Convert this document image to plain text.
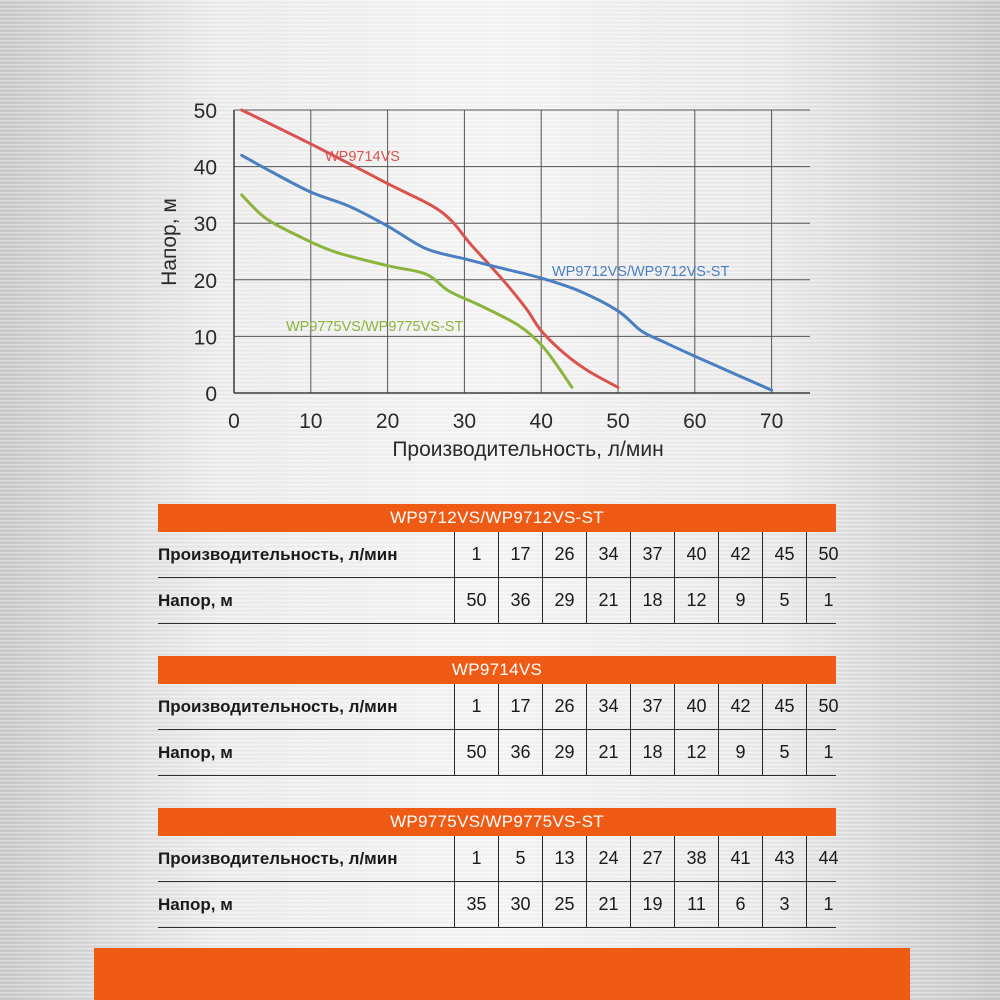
0
10
20
30
40
50
0	10	20	30	40	50	60	70
Производительность, л/мин
Напор, м
WP9714VS
WP9712VS/WP9712VS-ST
WP9775VS/WP9775VS-ST
WP9712VS/WP9712VS-ST
Производительность, л/мин	1	17	26	34	37	40	42	45	50
Напор, м	50	36	29	21	18	12	9	5	1
WP9714VS
Производительность, л/мин	1	17	26	34	37	40	42	45	50
Напор, м	50	36	29	21	18	12	9	5	1
WP9775VS/WP9775VS-ST
Производительность, л/мин	1	5	13	24	27	38	41	43	44
Напор, м	35	30	25	21	19	11	6	3	1
